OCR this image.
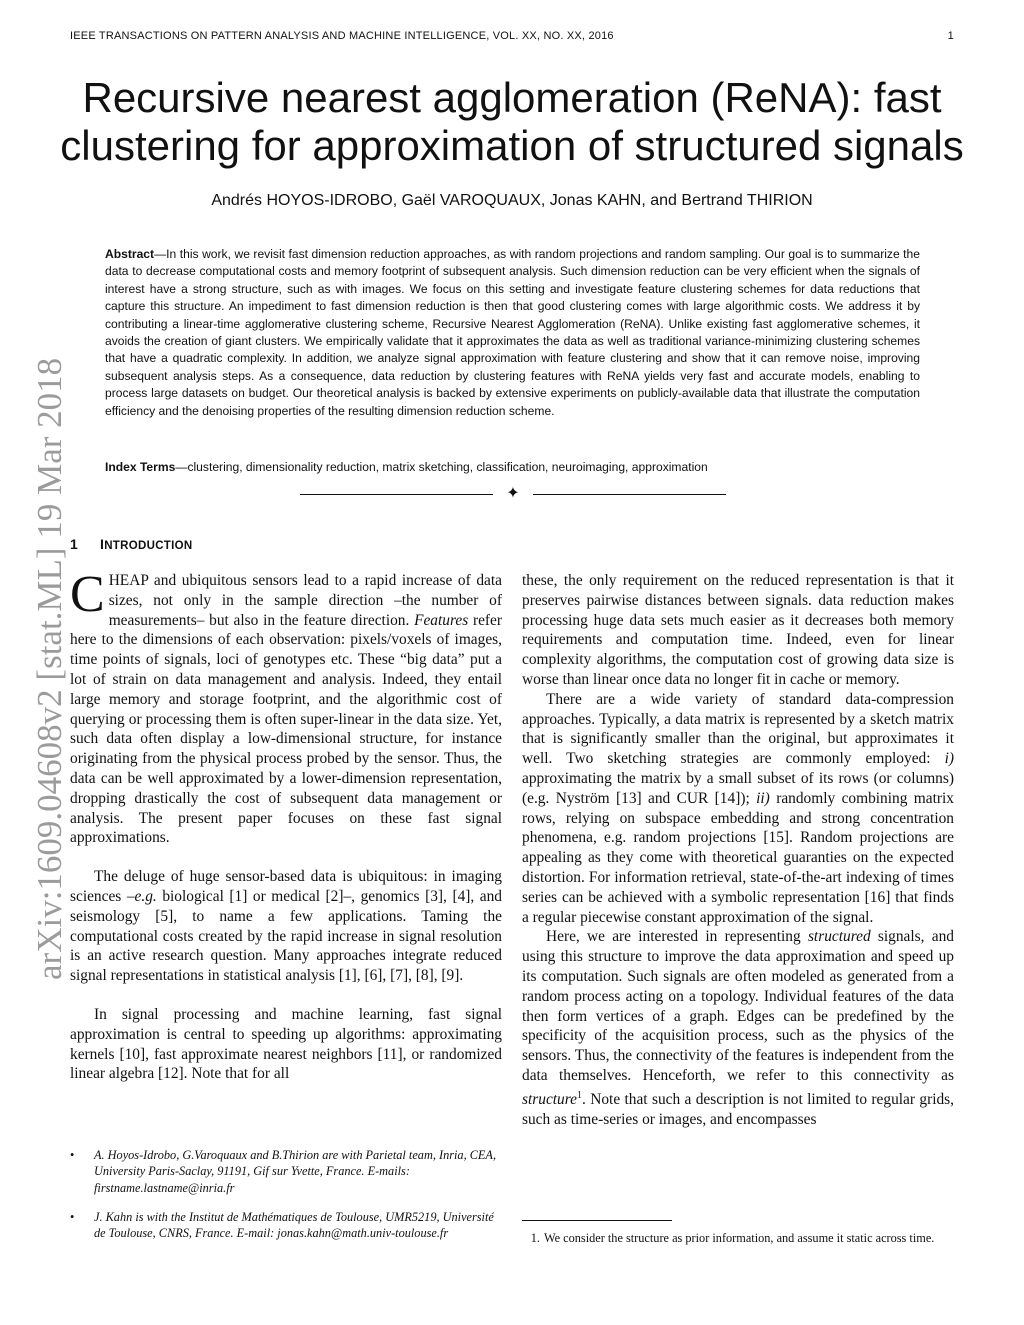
IEEE TRANSACTIONS ON PATTERN ANALYSIS AND MACHINE INTELLIGENCE, VOL. XX, NO. XX, 2016	1
Recursive nearest agglomeration (ReNA): fast
clustering for approximation of structured signals
Andrés HOYOS-IDROBO, Gaël VAROQUAUX, Jonas KAHN, and Bertrand THIRION
arXiv:1609.04608v2 [stat.ML] 19 Mar 2018

Abstract—In this work, we revisit fast dimension reduction approaches, as with random projections and random sampling. Our goal is to summarize the data to decrease computational costs and memory footprint of subsequent analysis. Such dimension reduction can be very efficient when the signals of interest have a strong structure, such as with images. We focus on this setting and investigate feature clustering schemes for data reductions that capture this structure. An impediment to fast dimension reduction is then that good clustering comes with large algorithmic costs. We address it by contributing a linear-time agglomerative clustering scheme, Recursive Nearest Agglomeration (ReNA). Unlike existing fast agglomerative schemes, it avoids the creation of giant clusters. We empirically validate that it approximates the data as well as traditional variance-minimizing clustering schemes that have a quadratic complexity. In addition, we analyze signal approximation with feature clustering and show that it can remove noise, improving subsequent analysis steps. As a consequence, data reduction by clustering features with ReNA yields very fast and accurate models, enabling to process large datasets on budget. Our theoretical analysis is backed by extensive experiments on publicly-available data that illustrate the computation efficiency and the denoising properties of the resulting dimension reduction scheme.

Index Terms—clustering, dimensionality reduction, matrix sketching, classification, neuroimaging, approximation

✦
1 INTRODUCTION

CHEAP and ubiquitous sensors lead to a rapid increase of data sizes, not only in the sample direction –the number of measurements– but also in the feature direction. Features refer here to the dimensions of each observation: pixels/voxels of images, time points of signals, loci of genotypes etc. These “big data” put a lot of strain on data management and analysis. Indeed, they entail large memory and storage footprint, and the algorithmic cost of querying or processing them is often super-linear in the data size. Yet, such data often display a low-dimensional structure, for instance originating from the physical process probed by the sensor. Thus, the data can be well approximated by a lower-dimension representation, dropping drastically the cost of subsequent data management or analysis. The present paper focuses on these fast signal approximations.

The deluge of huge sensor-based data is ubiquitous: in imaging sciences –e.g. biological [1] or medical [2]–, genomics [3], [4], and seismology [5], to name a few applications. Taming the computational costs created by the rapid increase in signal resolution is an active research question. Many approaches integrate reduced signal representations in statistical analysis [1], [6], [7], [8], [9].

In signal processing and machine learning, fast signal approximation is central to speeding up algorithms: approximating kernels [10], fast approximate nearest neighbors [11], or randomized linear algebra [12]. Note that for all

• A. Hoyos-Idrobo, G.Varoquaux and B.Thirion are with Parietal team, Inria, CEA, University Paris-Saclay, 91191, Gif sur Yvette, France. E-mails: firstname.lastname@inria.fr
• J. Kahn is with the Institut de Mathématiques de Toulouse, UMR5219, Université de Toulouse, CNRS, France. E-mail: jonas.kahn@math.univ-toulouse.fr

these, the only requirement on the reduced representation is that it preserves pairwise distances between signals. data reduction makes processing huge data sets much easier as it decreases both memory requirements and computation time. Indeed, even for linear complexity algorithms, the computation cost of growing data size is worse than linear once data no longer fit in cache or memory.

There are a wide variety of standard data-compression approaches. Typically, a data matrix is represented by a sketch matrix that is significantly smaller than the original, but approximates it well. Two sketching strategies are commonly employed: i) approximating the matrix by a small subset of its rows (or columns) (e.g. Nyström [13] and CUR [14]); ii) randomly combining matrix rows, relying on subspace embedding and strong concentration phenomena, e.g. random projections [15]. Random projections are appealing as they come with theoretical guaranties on the expected distortion. For information retrieval, state-of-the-art indexing of times series can be achieved with a symbolic representation [16] that finds a regular piecewise constant approximation of the signal.

Here, we are interested in representing structured signals, and using this structure to improve the data approximation and speed up its computation. Such signals are often modeled as generated from a random process acting on a topology. Individual features of the data then form vertices of a graph. Edges can be predefined by the specificity of the acquisition process, such as the physics of the sensors. Thus, the connectivity of the features is independent from the data themselves. Henceforth, we refer to this connectivity as structure$^1$. Note that such a description is not limited to regular grids, such as time-series or images, and encompasses

1. We consider the structure as prior information, and assume it static across time.
